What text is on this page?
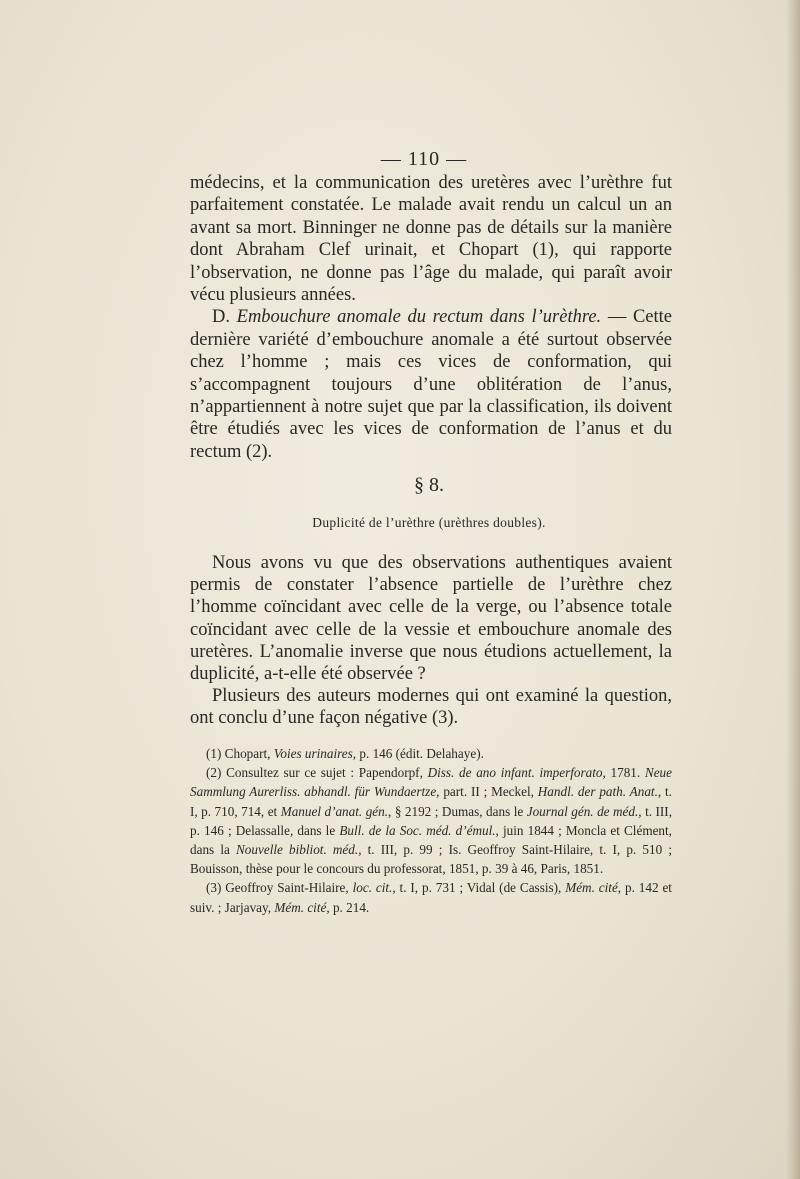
— 110 —

médecins, et la communication des uretères avec l’urèthre fut parfaitement constatée. Le malade avait rendu un calcul un an avant sa mort. Binninger ne donne pas de détails sur la manière dont Abraham Clef urinait, et Chopart (1), qui rapporte l’observation, ne donne pas l’âge du malade, qui paraît avoir vécu plusieurs années.

D. Embouchure anomale du rectum dans l’urèthre. — Cette dernière variété d’embouchure anomale a été surtout observée chez l’homme ; mais ces vices de conformation, qui s’accompagnent toujours d’une oblitération de l’anus, n’appartiennent à notre sujet que par la classification, ils doivent être étudiés avec les vices de conformation de l’anus et du rectum (2).

§ 8.
Duplicité de l’urèthre (urèthres doubles).

Nous avons vu que des observations authentiques avaient permis de constater l’absence partielle de l’urèthre chez l’homme coïncidant avec celle de la verge, ou l’absence totale coïncidant avec celle de la vessie et embouchure anomale des uretères. L’anomalie inverse que nous étudions actuellement, la duplicité, a-t-elle été observée ?

Plusieurs des auteurs modernes qui ont examiné la question, ont conclu d’une façon négative (3).

(1) Chopart, Voies urinaires, p. 146 (édit. Delahaye).

(2) Consultez sur ce sujet : Papendorpf, Diss. de ano infant. imperforato, 1781. Neue Sammlung Aurerliss. abhandl. für Wundaertze, part. II ; Meckel, Handl. der path. Anat., t. I, p. 710, 714, et Manuel d’anat. gén., § 2192 ; Dumas, dans le Journal gén. de méd., t. III, p. 146 ; Delassalle, dans le Bull. de la Soc. méd. d’émul., juin 1844 ; Moncla et Clément, dans la Nouvelle bibliot. méd., t. III, p. 99 ; Is. Geoffroy Saint-Hilaire, t. I, p. 510 ; Bouisson, thèse pour le concours du professorat, 1851, p. 39 à 46, Paris, 1851.

(3) Geoffroy Saint-Hilaire, loc. cit., t. I, p. 731 ; Vidal (de Cassis), Mém. cité, p. 142 et suiv. ; Jarjavay, Mém. cité, p. 214.
